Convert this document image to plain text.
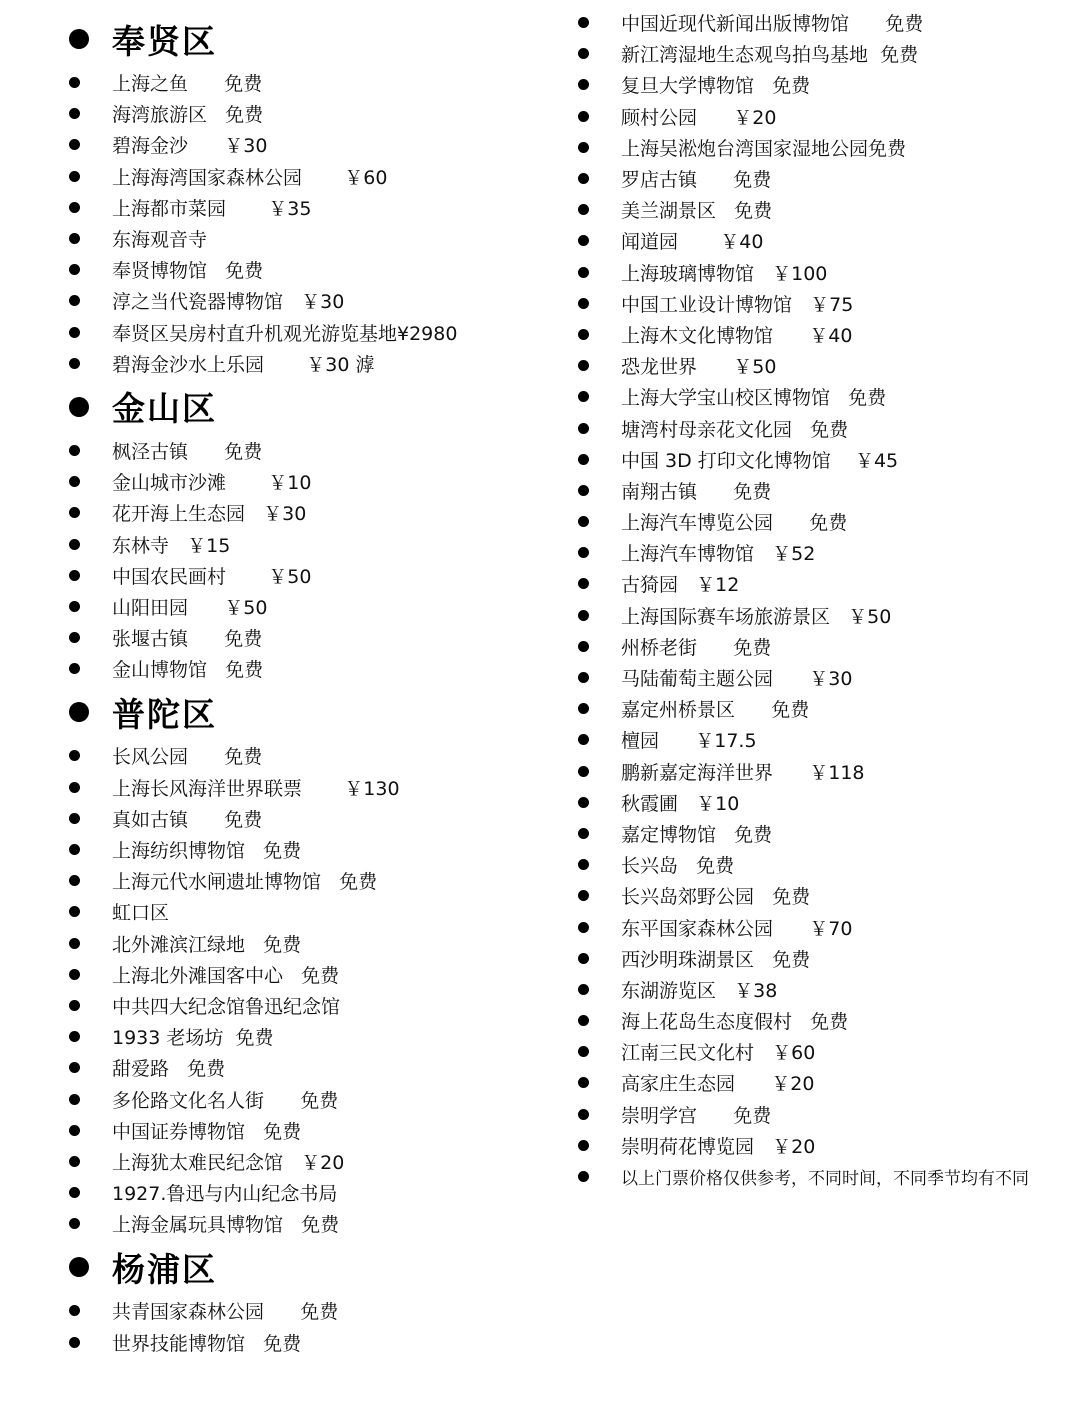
奉贤区
上海之鱼      免费
海湾旅游区   免费
碧海金沙      ￥30
上海海湾国家森林公园       ￥60
上海都市菜园       ￥35
东海观音寺
奉贤博物馆   免费
淳之当代瓷器博物馆   ￥30
奉贤区吴房村直升机观光游览基地¥2980
碧海金沙水上乐园       ￥30 滹
金山区
枫泾古镇      免费
金山城市沙滩       ￥10
花开海上生态园   ￥30
东林寺   ￥15
中国农民画村       ￥50
山阳田园      ￥50
张堰古镇      免费
金山博物馆   免费
普陀区
长风公园      免费
上海长风海洋世界联票       ￥130
真如古镇      免费
上海纺织博物馆   免费
上海元代水闸遗址博物馆   免费
虹口区
北外滩滨江绿地   免费
上海北外滩国客中心   免费
中共四大纪念馆鲁迅纪念馆
1933 老场坊  免费
甜爱路   免费
多伦路文化名人街      免费
中国证券博物馆   免费
上海犹太难民纪念馆   ￥20
1927.鲁迅与内山纪念书局
上海金属玩具博物馆   免费
杨浦区
共青国家森林公园      免费
世界技能博物馆   免费
中国近现代新闻出版博物馆      免费
新江湾湿地生态观鸟拍鸟基地  免费
复旦大学博物馆   免费
顾村公园      ￥20
上海吴淞炮台湾国家湿地公园免费
罗店古镇      免费
美兰湖景区   免费
闻道园       ￥40
上海玻璃博物馆   ￥100
中国工业设计博物馆   ￥75
上海木文化博物馆      ￥40
恐龙世界      ￥50
上海大学宝山校区博物馆   免费
塘湾村母亲花文化园   免费
中国 3D 打印文化博物馆    ￥45
南翔古镇      免费
上海汽车博览公园      免费
上海汽车博物馆   ￥52
古猗园   ￥12
上海国际赛车场旅游景区   ￥50
州桥老街      免费
马陆葡萄主题公园      ￥30
嘉定州桥景区      免费
檀园      ￥17.5
鹏新嘉定海洋世界      ￥118
秋霞圃   ￥10
嘉定博物馆   免费
长兴岛   免费
长兴岛郊野公园   免费
东平国家森林公园      ￥70
西沙明珠湖景区   免费
东湖游览区   ￥38
海上花岛生态度假村   免费
江南三民文化村   ￥60
高家庄生态园      ￥20
崇明学宫      免费
崇明荷花博览园   ￥20
以上门票价格仅供参考，不同时间，不同季节均有不同
